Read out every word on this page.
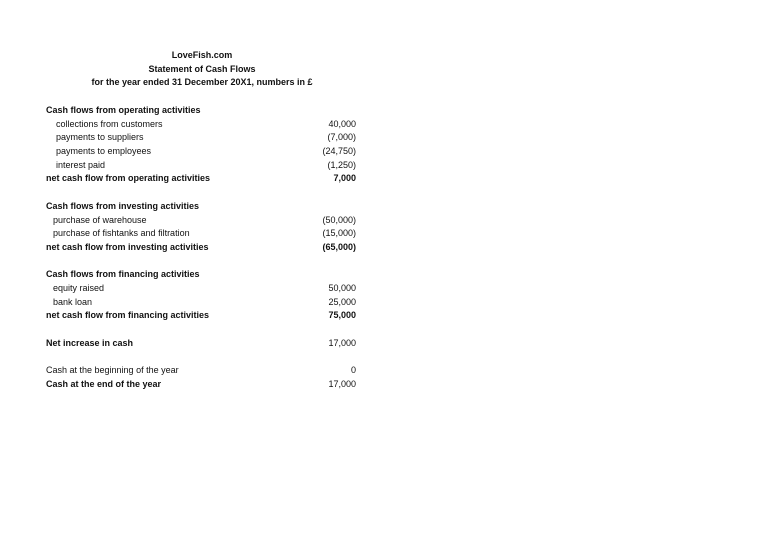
LoveFish.com
Statement of Cash Flows
for the year ended 31 December 20X1, numbers in £
Cash flows from operating activities
collections from customers	40,000
payments to suppliers	(7,000)
payments to employees	(24,750)
interest paid	(1,250)
net cash flow from operating activities	7,000
Cash flows from investing activities
purchase of warehouse	(50,000)
purchase of fishtanks and filtration	(15,000)
net cash flow from investing activities	(65,000)
Cash flows from financing activities
equity raised	50,000
bank loan	25,000
net cash flow from financing activities	75,000
Net increase in cash	17,000
Cash at the beginning of the year	0
Cash at the end of the year	17,000
